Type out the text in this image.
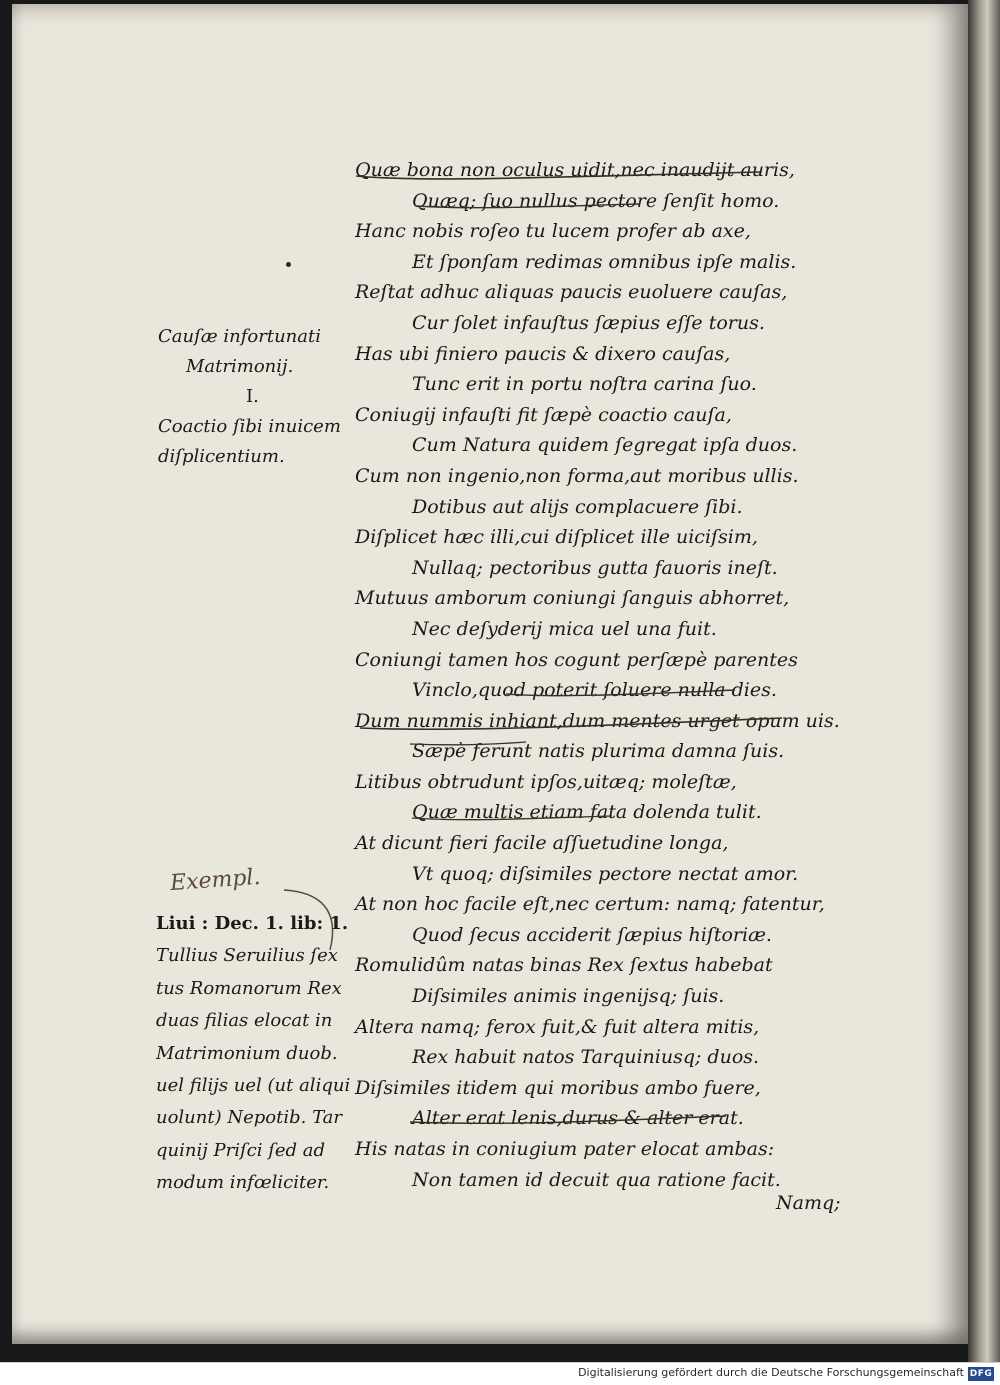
Cauſæ infortunati
Matrimonij.
I.
Coactio ſibi inuicem
diſplicentium.
Exempl.
Liui : Dec. 1. lib: 1.
Tullius Seruilius ſex
tus Romanorum Rex
duas filias elocat in
Matrimonium duob.
uel filijs uel (ut aliqui
uolunt) Nepotib. Tar
quinij Priſci ſed ad
modum infœliciter.
Quæ bona non oculus uidit,nec inaudijt auris,
Quæq; ſuo nullus pectore ſenſit homo.
Hanc nobis roſeo tu lucem profer ab axe,
Et ſponſam redimas omnibus ipſe malis.
Reſtat adhuc aliquas paucis euoluere cauſas,
Cur ſolet infauſtus ſæpius eſſe torus.
Has ubi finiero paucis & dixero cauſas,
Tunc erit in portu noſtra carina ſuo.
Coniugij infauſti fit ſæpè coactio cauſa,
Cum Natura quidem ſegregat ipſa duos.
Cum non ingenio,non forma,aut moribus ullis.
Dotibus aut alijs complacuere ſibi.
Diſplicet hæc illi,cui diſplicet ille uiciſsim,
Nullaq; pectoribus gutta fauoris ineſt.
Mutuus amborum coniungi ſanguis abhorret,
Nec deſyderij mica uel una fuit.
Coniungi tamen hos cogunt perſæpè parentes
Vinclo,quod poterit ſoluere nulla dies.
Dum nummis inhiant,dum mentes urget opum uis.
Sæpè ferunt natis plurima damna ſuis.
Litibus obtrudunt ipſos,uitæq; moleſtæ,
Quæ multis etiam fata dolenda tulit.
At dicunt fieri facile aſſuetudine longa,
Vt quoq; diſsimiles pectore nectat amor.
At non hoc facile eſt,nec certum: namq; fatentur,
Quod ſecus acciderit ſæpius hiſtoriæ.
Romulidûm natas binas Rex ſextus habebat
Diſsimiles animis ingenijsq; ſuis.
Altera namq; ferox fuit,& fuit altera mitis,
Rex habuit natos Tarquiniusq; duos.
Diſsimiles itidem qui moribus ambo fuere,
Alter erat lenis,durus & alter erat.
His natas in coniugium pater elocat ambas:
Non tamen id decuit qua ratione facit.
Namq;
Digitalisierung gefördert durch die Deutsche Forschungsgemeinschaft DFG
